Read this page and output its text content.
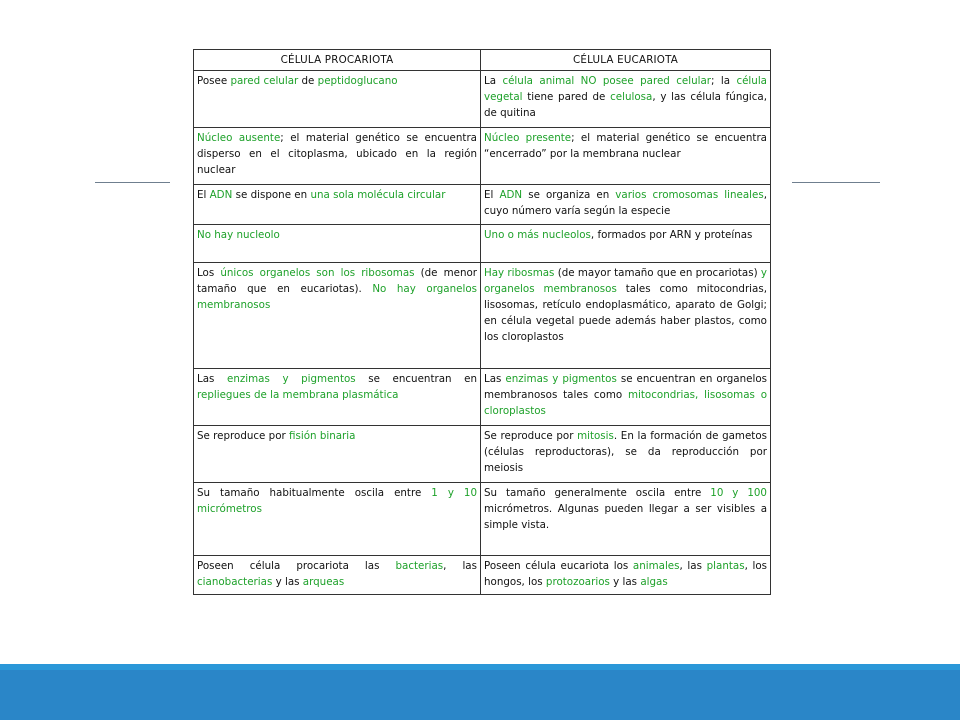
CÉLULA PROCARIOTA	CÉLULA EUCARIOTA
Posee pared celular de peptidoglucano	La célula animal NO posee pared celular; la célula vegetal tiene pared de celulosa, y las célula fúngica, de quitina
Núcleo ausente; el material genético se encuentra disperso en el citoplasma, ubicado en la región nuclear	Núcleo presente; el material genético se encuentra “encerrado” por la membrana nuclear
El ADN se dispone en una sola molécula circular	El ADN se organiza en varios cromosomas lineales, cuyo número varía según la especie
No hay nucleolo	Uno o más nucleolos, formados por ARN y proteínas
Los únicos organelos son los ribosomas (de menor tamaño que en eucariotas). No hay organelos membranosos	Hay ribosmas (de mayor tamaño que en procariotas) y organelos membranosos tales como mitocondrias, lisosomas, retículo endoplasmático, aparato de Golgi; en célula vegetal puede además haber plastos, como los cloroplastos
Las enzimas y pigmentos se encuentran en repliegues de la membrana plasmática	Las enzimas y pigmentos se encuentran en organelos membranosos tales como mitocondrias, lisosomas o cloroplastos
Se reproduce por fisión binaria	Se reproduce por mitosis. En la formación de gametos (células reproductoras), se da reproducción por meiosis
Su tamaño habitualmente oscila entre 1 y 10 micrómetros	Su tamaño generalmente oscila entre 10 y 100 micrómetros. Algunas pueden llegar a ser visibles a simple vista.
Poseen célula procariota las bacterias, las cianobacterias y las arqueas	Poseen célula eucariota los animales, las plantas, los hongos, los protozoarios y las algas
